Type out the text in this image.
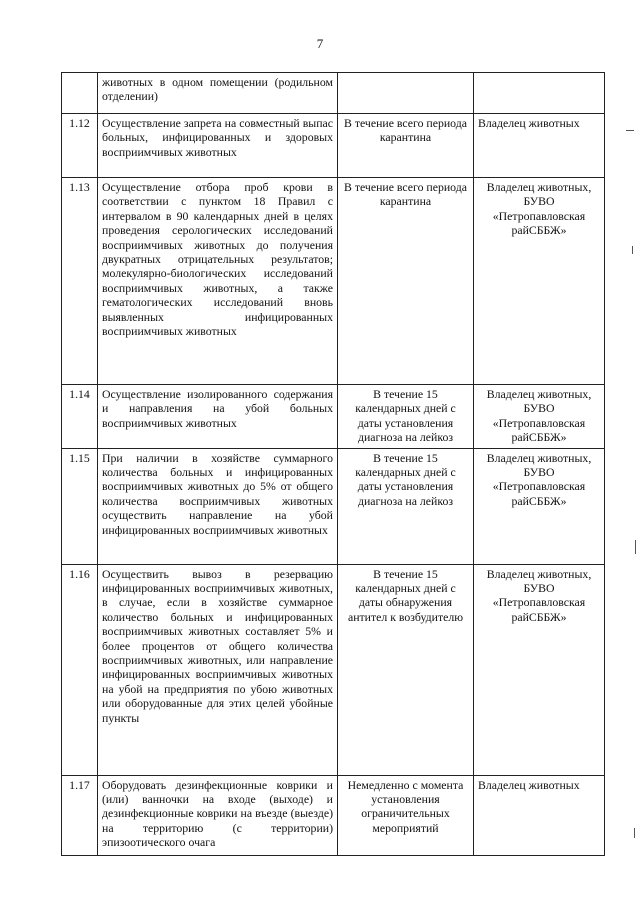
7
	животных в одном помещении (родильном отделении)		
1.12	Осуществление запрета на совместный выпас больных, инфицированных и здоровых восприимчивых животных	В течение всего периода карантина	Владелец животных
1.13	Осуществление отбора проб крови в соответствии с пунктом 18 Правил с интервалом в 90 календарных дней в целях проведения серологических исследований восприимчивых животных до получения двукратных отрицательных результатов; молекулярно-биологических исследований восприимчивых животных, а также гематологических исследований вновь выявленных инфицированных восприимчивых животных	В течение всего периода карантина	Владелец животных, БУВО «Петропавловская райСББЖ»
1.14	Осуществление изолированного содержания и направления на убой больных восприимчивых животных	В течение 15 календарных дней с даты установления диагноза на лейкоз	Владелец животных, БУВО «Петропавловская райСББЖ»
1.15	При наличии в хозяйстве суммарного количества больных и инфицированных восприимчивых животных до 5% от общего количества восприимчивых животных осуществить направление на убой инфицированных восприимчивых животных	В течение 15 календарных дней с даты установления диагноза на лейкоз	Владелец животных, БУВО «Петропавловская райСББЖ»
1.16	Осуществить вывоз в резервацию инфицированных восприимчивых животных, в случае, если в хозяйстве суммарное количество больных и инфицированных восприимчивых животных составляет 5% и более процентов от общего количества восприимчивых животных, или направление инфицированных восприимчивых животных на убой на предприятия по убою животных или оборудованные для этих целей убойные пункты	В течение 15 календарных дней с даты обнаружения антител к возбудителю	Владелец животных, БУВО «Петропавловская райСББЖ»
1.17	Оборудовать дезинфекционные коврики и (или) ванночки на входе (выходе) и дезинфекционные коврики на въезде (выезде) на территорию (с территории) эпизоотического очага	Немедленно с момента установления ограничительных мероприятий	Владелец животных
